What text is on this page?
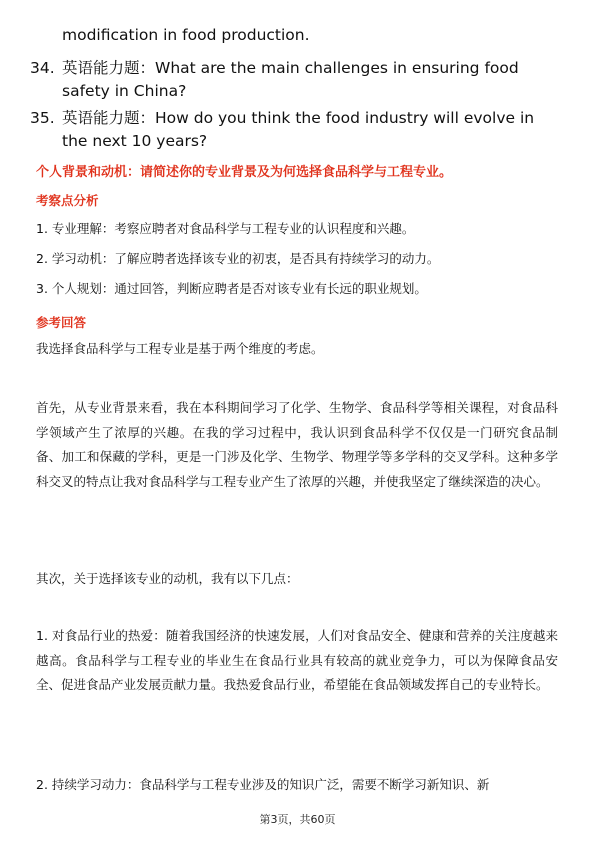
modification in food production.
34. 英语能力题：What are the main challenges in ensuring food safety in China?
35. 英语能力题：How do you think the food industry will evolve in the next 10 years?
个人背景和动机：请简述你的专业背景及为何选择食品科学与工程专业。
考察点分析
1. 专业理解：考察应聘者对食品科学与工程专业的认识程度和兴趣。
2. 学习动机：了解应聘者选择该专业的初衷，是否具有持续学习的动力。
3. 个人规划：通过回答，判断应聘者是否对该专业有长远的职业规划。
参考回答
我选择食品科学与工程专业是基于两个维度的考虑。
首先，从专业背景来看，我在本科期间学习了化学、生物学、食品科学等相关课程，对食品科学领域产生了浓厚的兴趣。在我的学习过程中，我认识到食品科学不仅仅是一门研究食品制备、加工和保藏的学科，更是一门涉及化学、生物学、物理学等多学科的交叉学科。这种多学科交叉的特点让我对食品科学与工程专业产生了浓厚的兴趣，并使我坚定了继续深造的决心。
其次，关于选择该专业的动机，我有以下几点：
1. 对食品行业的热爱：随着我国经济的快速发展，人们对食品安全、健康和营养的关注度越来越高。食品科学与工程专业的毕业生在食品行业具有较高的就业竞争力，可以为保障食品安全、促进食品产业发展贡献力量。我热爱食品行业，希望能在食品领域发挥自己的专业特长。
2. 持续学习动力：食品科学与工程专业涉及的知识广泛，需要不断学习新知识、新
第3页，共60页
